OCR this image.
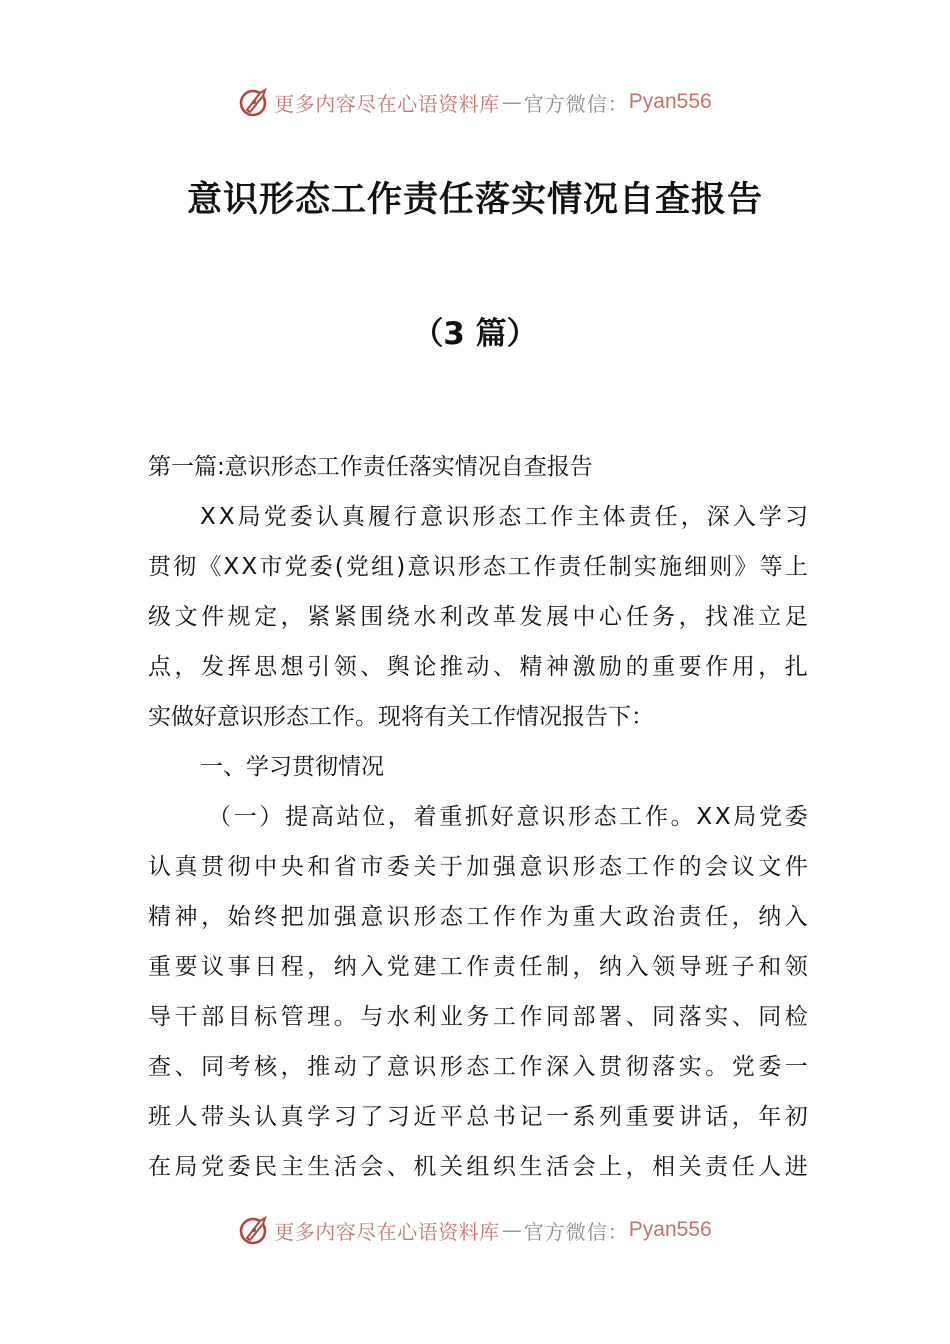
更多内容尽在心语资料库 — 官方微信： Pyan556
意识形态工作责任落实情况自查报告
（3 篇）
第一篇:意识形态工作责任落实情况自查报告
X X 局 党 委 认 真 履 行 意 识 形 态 工 作 主 体 责 任 ， 深 入 学 习
贯 彻 《 X X 市 党 委 ( 党 组 ) 意 识 形 态 工 作 责 任 制 实 施 细 则 》 等 上
级 文 件 规 定 ， 紧 紧 围 绕 水 利 改 革 发 展 中 心 任 务 ， 找 准 立 足
点 ， 发 挥 思 想 引 领 、 舆 论 推 动 、 精 神 激 励 的 重 要 作 用 ， 扎
实做好意识形态工作。现将有关工作情况报告下：
一、学习贯彻情况
（ 一 ） 提 高 站 位 ， 着 重 抓 好 意 识 形 态 工 作 。 X X 局 党 委
认 真 贯 彻 中 央 和 省 市 委 关 于 加 强 意 识 形 态 工 作 的 会 议 文 件
精 神 ， 始 终 把 加 强 意 识 形 态 工 作 作 为 重 大 政 治 责 任 ， 纳 入
重 要 议 事 日 程 ， 纳 入 党 建 工 作 责 任 制 ， 纳 入 领 导 班 子 和 领
导 干 部 目 标 管 理 。 与 水 利 业 务 工 作 同 部 署 、 同 落 实 、 同 检
查 、 同 考 核 ， 推 动 了 意 识 形 态 工 作 深 入 贯 彻 落 实 。 党 委 一
班 人 带 头 认 真 学 习 了 习 近 平 总 书 记 一 系 列 重 要 讲 话 ， 年 初
在 局 党 委 民 主 生 活 会 、 机 关 组 织 生 活 会 上 ， 相 关 责 任 人 进
更多内容尽在心语资料库 — 官方微信： Pyan556
